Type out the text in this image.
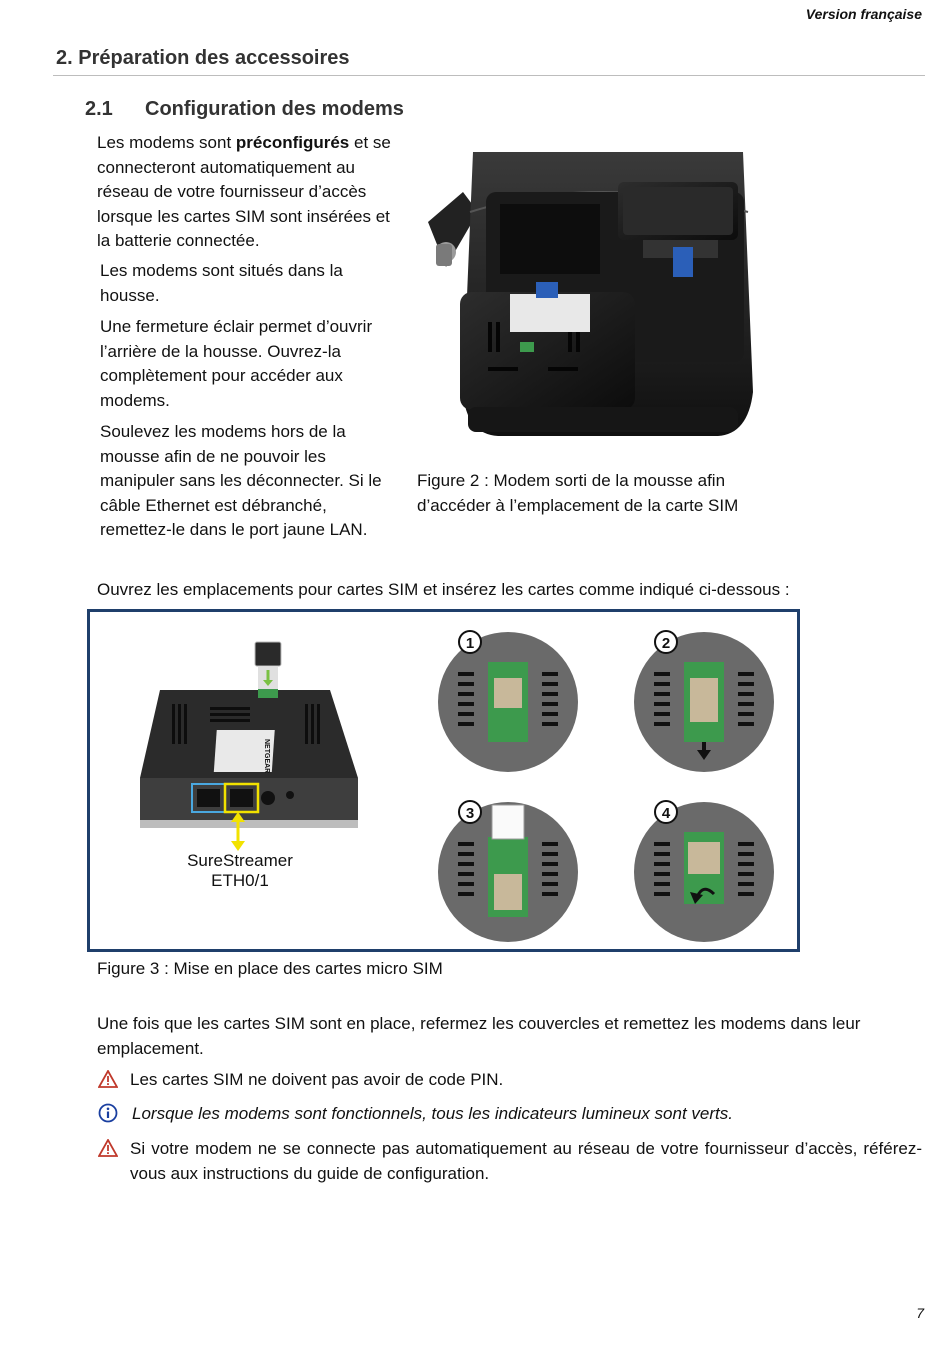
Version française
2. Préparation des accessoires
2.1 Configuration des modems

Les modems sont préconfigurés et se connecteront automatiquement au réseau de votre fournisseur d’accès lorsque les cartes SIM sont insérées et la batterie connectée.

Les modems sont situés dans la housse.

Une fermeture éclair permet d’ouvrir l’arrière de la housse. Ouvrez-la complètement pour accéder aux modems.

Soulevez les modems hors de la mousse afin de ne pouvoir les manipuler sans les déconnecter. Si le câble Ethernet est débranché, remettez-le dans le port jaune LAN.

Figure 2 : Modem sorti de la mousse afin d’accéder à l’emplacement de la carte SIM
Ouvrez les emplacements pour cartes SIM et insérez les cartes comme indiqué ci-dessous :
NETGEAR
SureStreamer
ETH0/1
1	2
3	4
Figure 3 : Mise en place des cartes micro SIM

Une fois que les cartes SIM sont en place, refermez les couvercles et remettez les modems dans leur emplacement.

Les cartes SIM ne doivent pas avoir de code PIN.
Lorsque les modems sont fonctionnels, tous les indicateurs lumineux sont verts.
Si votre modem ne se connecte pas automatiquement au réseau de votre fournisseur d’accès, référez-vous aux instructions du guide de configuration.
7
